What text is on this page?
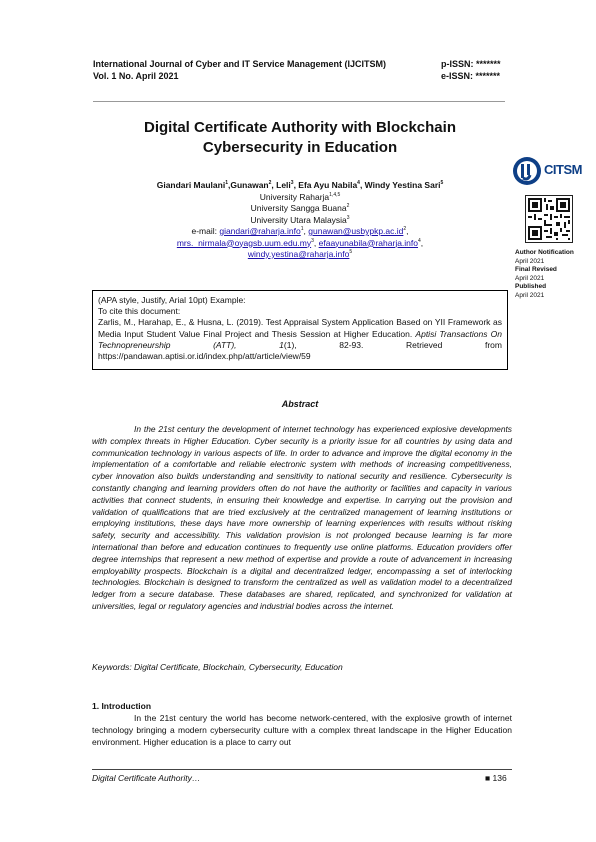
International Journal of Cyber and IT Service Management (IJCITSM)
Vol. 1 No. April 2021
p-ISSN: *******
e-ISSN: *******
Digital Certificate Authority with Blockchain
Cybersecurity in Education
Giandari Maulani$^1$,Gunawan$^2$, Leli$^3$, Efa Ayu Nabila$^4$, Windy Yestina Sari$^5$
University Raharja$^{1,4,5}$
University Sangga Buana$^2$
University Utara Malaysia$^3$
e-mail: giandari@raharja.info$^1$, $gunawan@usbypkp.ac.id^2$,
$mrs.\_nirmala@oyagsb.uum.edu.my^3$, efaayunabila@raharja.info$^4$,
windy.yestina@raharja.info$^5$
CITSM
Author Notification
April 2021
Final Revised
April 2021
Published
April 2021
(APA style, Justify, Arial 10pt) Example:
To cite this document:
Zarlis, M., Harahap, E., & Husna, L. (2019). Test Appraisal System Application Based on YII Framework as Media Input Student Value Final Project and Thesis Session at Higher Education. Aptisi Transactions On Technopreneurship (ATT), 1(1), 82-93. Retrieved from https://pandawan.aptisi.or.id/index.php/att/article/view/59
Abstract
In the 21st century the development of internet technology has experienced explosive developments with complex threats in Higher Education. Cyber security is a priority issue for all countries by using data and communication technology in various aspects of life. In order to advance and improve the digital economy in the implementation of a comfortable and reliable electronic system with methods of increasing competitiveness, cyber innovation also builds understanding and sensitivity to national security and resilience. Cybersecurity is constantly changing and learning providers often do not have the authority or facilities and capacity in various activities that connect students, in ensuring their knowledge and expertise. In carrying out the provision and validation of qualifications that are tried exclusively at the centralized management of learning institutions or employing institutions, these days have more ownership of learning experiences with results without risking safety, security and accessibility. This validation provision is not prolonged because learning is far more international than before and education continues to frequently use online platforms. Education providers offer degree internships that represent a new method of expertise and provide a route of advancement in increasing employability prospects. Blockchain is a digital and decentralized ledger, encompassing a set of interlocking technologies. Blockchain is designed to transform the centralized as well as validation model to a decentralized ledger from a secure database. These databases are shared, replicated, and synchronized for validation at universities, legal or regulatory agencies and industrial bodies across the internet.
Keywords: Digital Certificate, Blockchain, Cybersecurity, Education
1. Introduction
In the 21st century the world has become network-centered, with the explosive growth of internet technology bringing a modern cybersecurity culture with a complex threat landscape in the Higher Education environment. Higher education is a place to carry out
Digital Certificate Authority…	■ 136
